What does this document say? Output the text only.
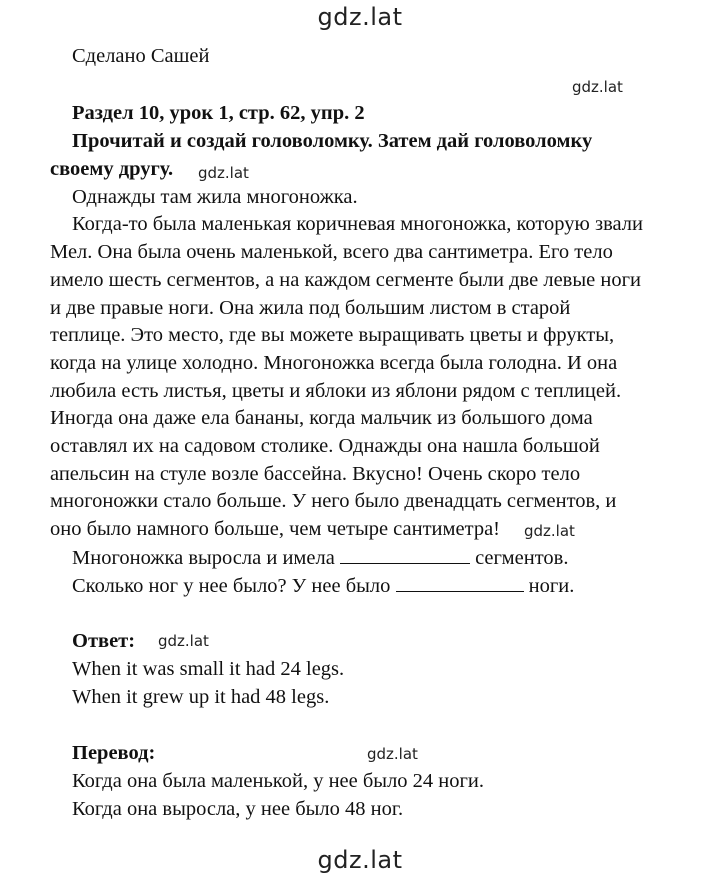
gdz.lat
gdz.lat
gdz.lat
gdz.lat
gdz.lat
gdz.lat
gdz.lat
Сделано Сашей
Раздел 10, урок 1, стр. 62, упр. 2
Прочитай и создай головоломку. Затем дай головоломку
своему другу.
Однажды там жила многоножка.
Когда-то была маленькая коричневая многоножка, которую звали
Мел. Она была очень маленькой, всего два сантиметра. Его тело
имело шесть сегментов, а на каждом сегменте были две левые ноги
и две правые ноги. Она жила под большим листом в старой
теплице. Это место, где вы можете выращивать цветы и фрукты,
когда на улице холодно. Многоножка всегда была голодна. И она
любила есть листья, цветы и яблоки из яблони рядом с теплицей.
Иногда она даже ела бананы, когда мальчик из большого дома
оставлял их на садовом столике. Однажды она нашла большой
апельсин на стуле возле бассейна. Вкусно! Очень скоро тело
многоножки стало больше. У него было двенадцать сегментов, и
оно было намного больше, чем четыре сантиметра!
Многоножка выросла и имела	сегментов.
Сколько ног у нее было? У нее было	ноги.
Ответ:
When it was small it had 24 legs.
When it grew up it had 48 legs.
Перевод:
Когда она была маленькой, у нее было 24 ноги.
Когда она выросла, у нее было 48 ног.
